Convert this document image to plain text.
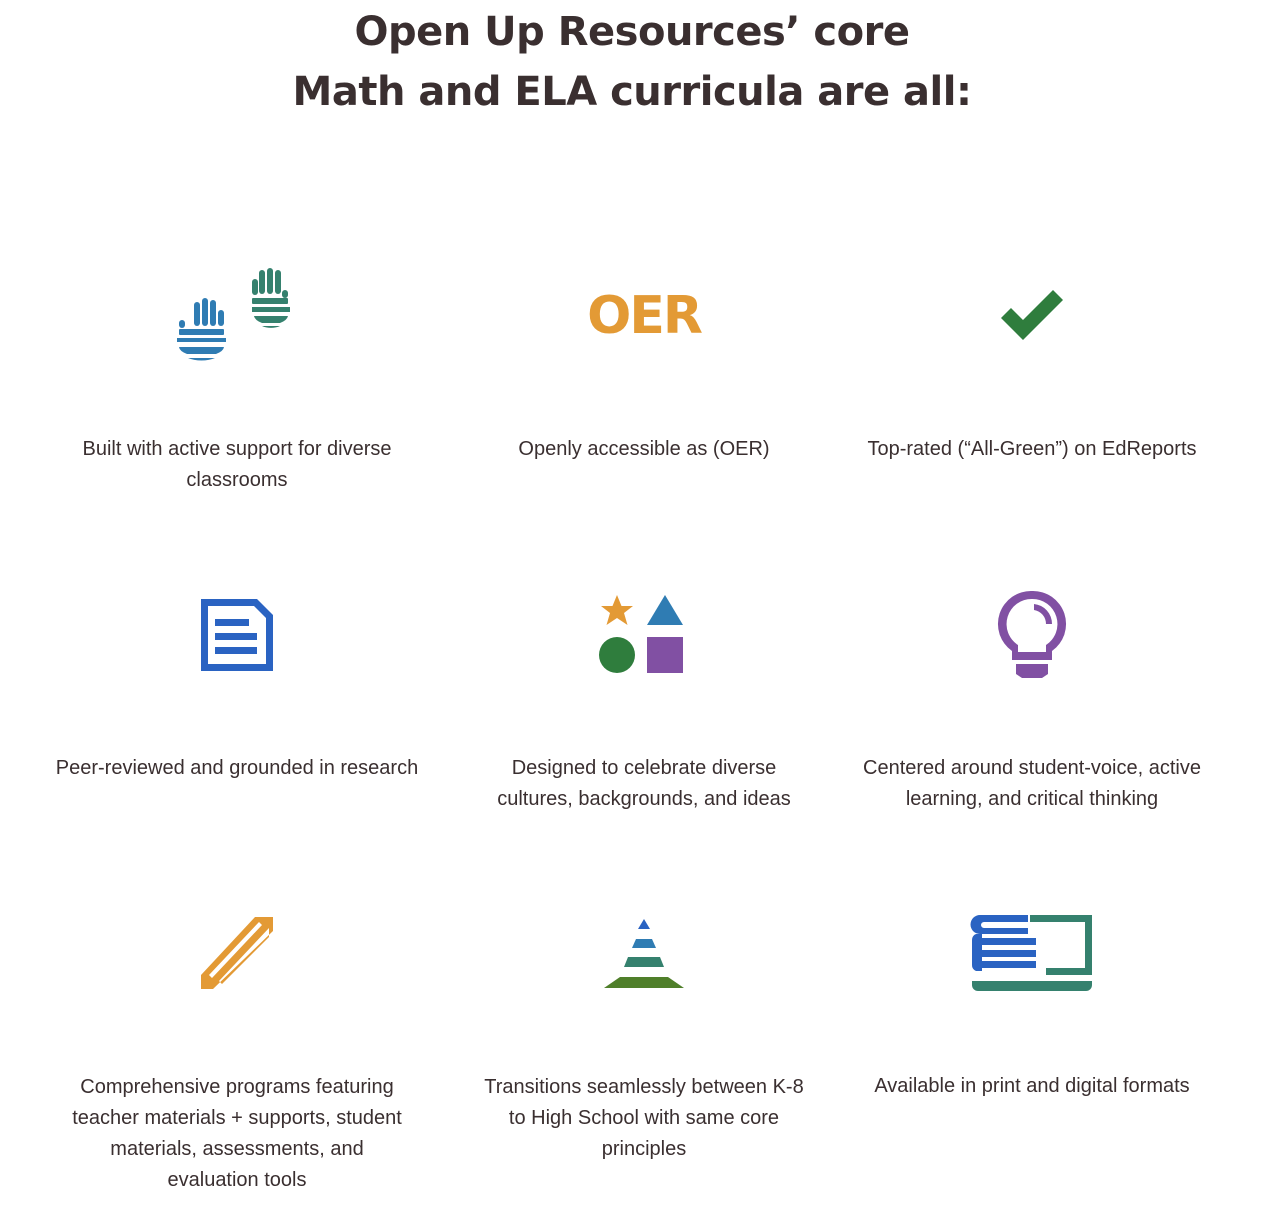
Open Up Resources’ core
Math and ELA curricula are all:
Built with active support for diverse classrooms
OER
Openly accessible as (OER)	Top-rated (“All-Green”) on EdReports
Peer-reviewed and grounded in research	Designed to celebrate diverse cultures, backgrounds, and ideas
Centered around student-voice, active learning, and critical thinking
Comprehensive programs featuring teacher materials + supports, student materials, assessments, and evaluation tools
Transitions seamlessly between K-8 to High School with same core principles
Available in print and digital formats
